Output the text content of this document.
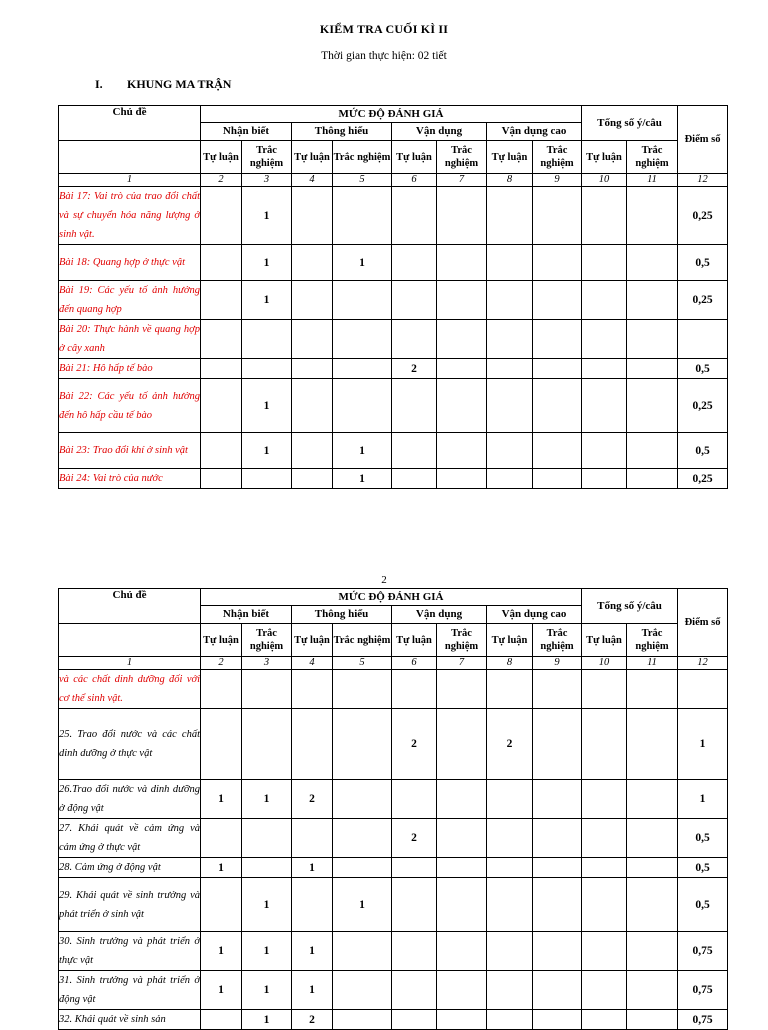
KIỂM TRA CUỐI KÌ II
Thời gian thực hiện: 02 tiết
I. KHUNG MA TRẬN
Chủ đề	MỨC ĐỘ ĐÁNH GIÁ								Tổng số ý/câu		Điểm số
	Nhận biết		Thông hiểu		Vận dụng		Vận dụng cao				
	Tự luận	Trắc nghiệm	Tự luận	Trắc nghiệm	Tự luận	Trắc nghiệm	Tự luận	Trắc nghiệm	Tự luận	Trắc nghiệm	
1	2	3	4	5	6	7	8	9	10	11	12
Bài 17: Vai trò của trao đổi chất và sự chuyển hóa năng lượng ở sinh vật.		1									0,25
Bài 18: Quang hợp ở thực vật		1		1							0,5
Bài 19: Các yếu tố ảnh hưởng đến quang hợp		1									0,25
Bài 20: Thực hành về quang hợp ở cây xanh											
Bài 21: Hô hấp tế bào					2						0,5
Bài 22: Các yếu tố ảnh hưởng đến hô hấp cầu tế bào		1									0,25
Bài 23: Trao đổi khí ở sinh vật		1		1							0,5
Bài 24: Vai trò của nước				1							0,25
2
Chủ đề	MỨC ĐỘ ĐÁNH GIÁ								Tổng số ý/câu		Điểm số
	Nhận biết		Thông hiểu		Vận dụng		Vận dụng cao				
	Tự luận	Trắc nghiệm	Tự luận	Trắc nghiệm	Tự luận	Trắc nghiệm	Tự luận	Trắc nghiệm	Tự luận	Trắc nghiệm	
1	2	3	4	5	6	7	8	9	10	11	12
và các chất dinh dưỡng đối với cơ thể sinh vật.											
25. Trao đổi nước và các chất dinh dưỡng ở thực vật					2		2				1
26.Trao đổi nước và dinh dưỡng ở động vật	1	1	2								1
27. Khái quát về cảm ứng và cảm ứng ở thực vật					2						0,5
28. Cảm ứng ở động vật	1		1								0,5
29. Khái quát về sinh trưởng và phát triển ở sinh vật		1		1							0,5
30. Sinh trưởng và phát triển ở thực vật	1	1	1								0,75
31. Sinh trưởng và phát triển ở động vật	1	1	1								0,75
32. Khái quát về sinh sản		1	2								0,75
